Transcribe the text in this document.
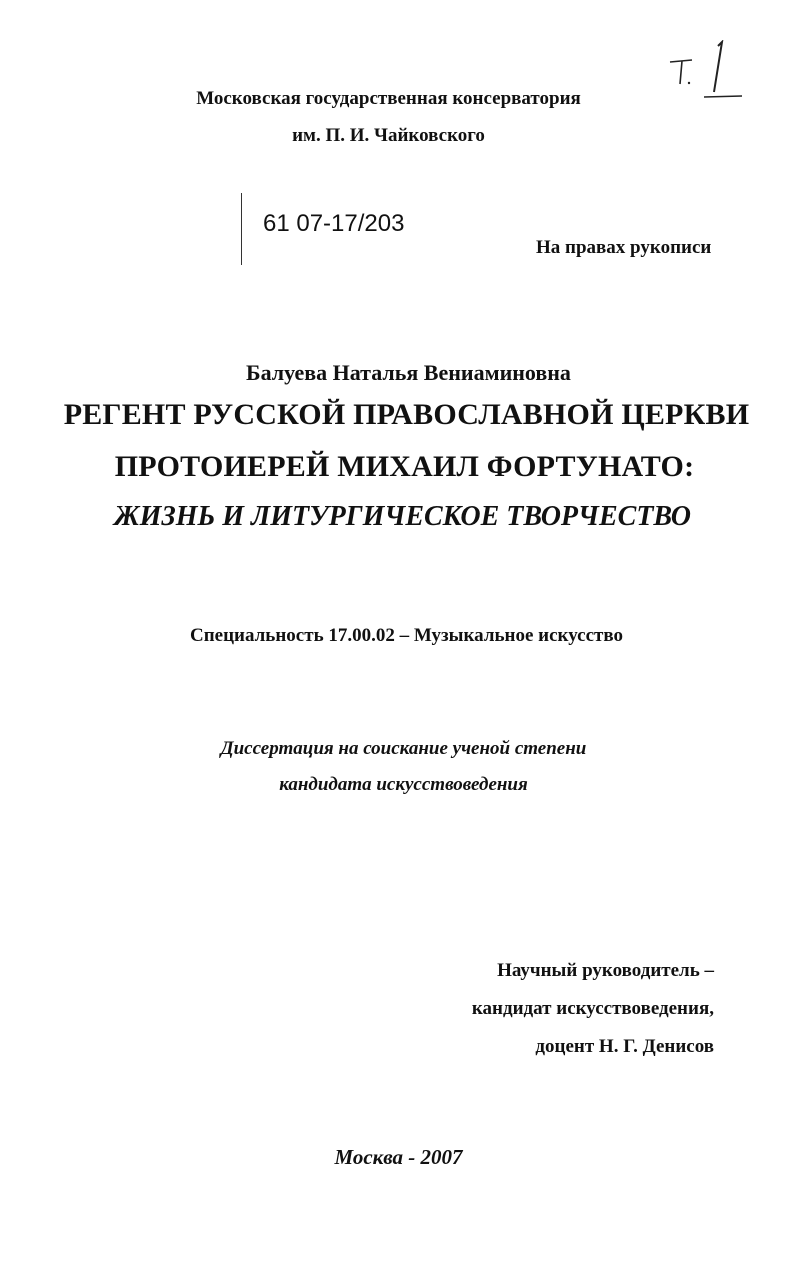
Московская государственная консерватория
им. П. И. Чайковского
61 07-17/203
На правах рукописи
Балуева Наталья Вениаминовна
РЕГЕНТ РУССКОЙ ПРАВОСЛАВНОЙ ЦЕРКВИ
ПРОТОИЕРЕЙ МИХАИЛ ФОРТУНАТО:
ЖИЗНЬ И ЛИТУРГИЧЕСКОЕ ТВОРЧЕСТВО
Специальность 17.00.02 – Музыкальное искусство
Диссертация на соискание ученой степени
кандидата искусствоведения
Научный руководитель –
кандидат искусствоведения,
доцент Н. Г. Денисов
Москва - 2007
